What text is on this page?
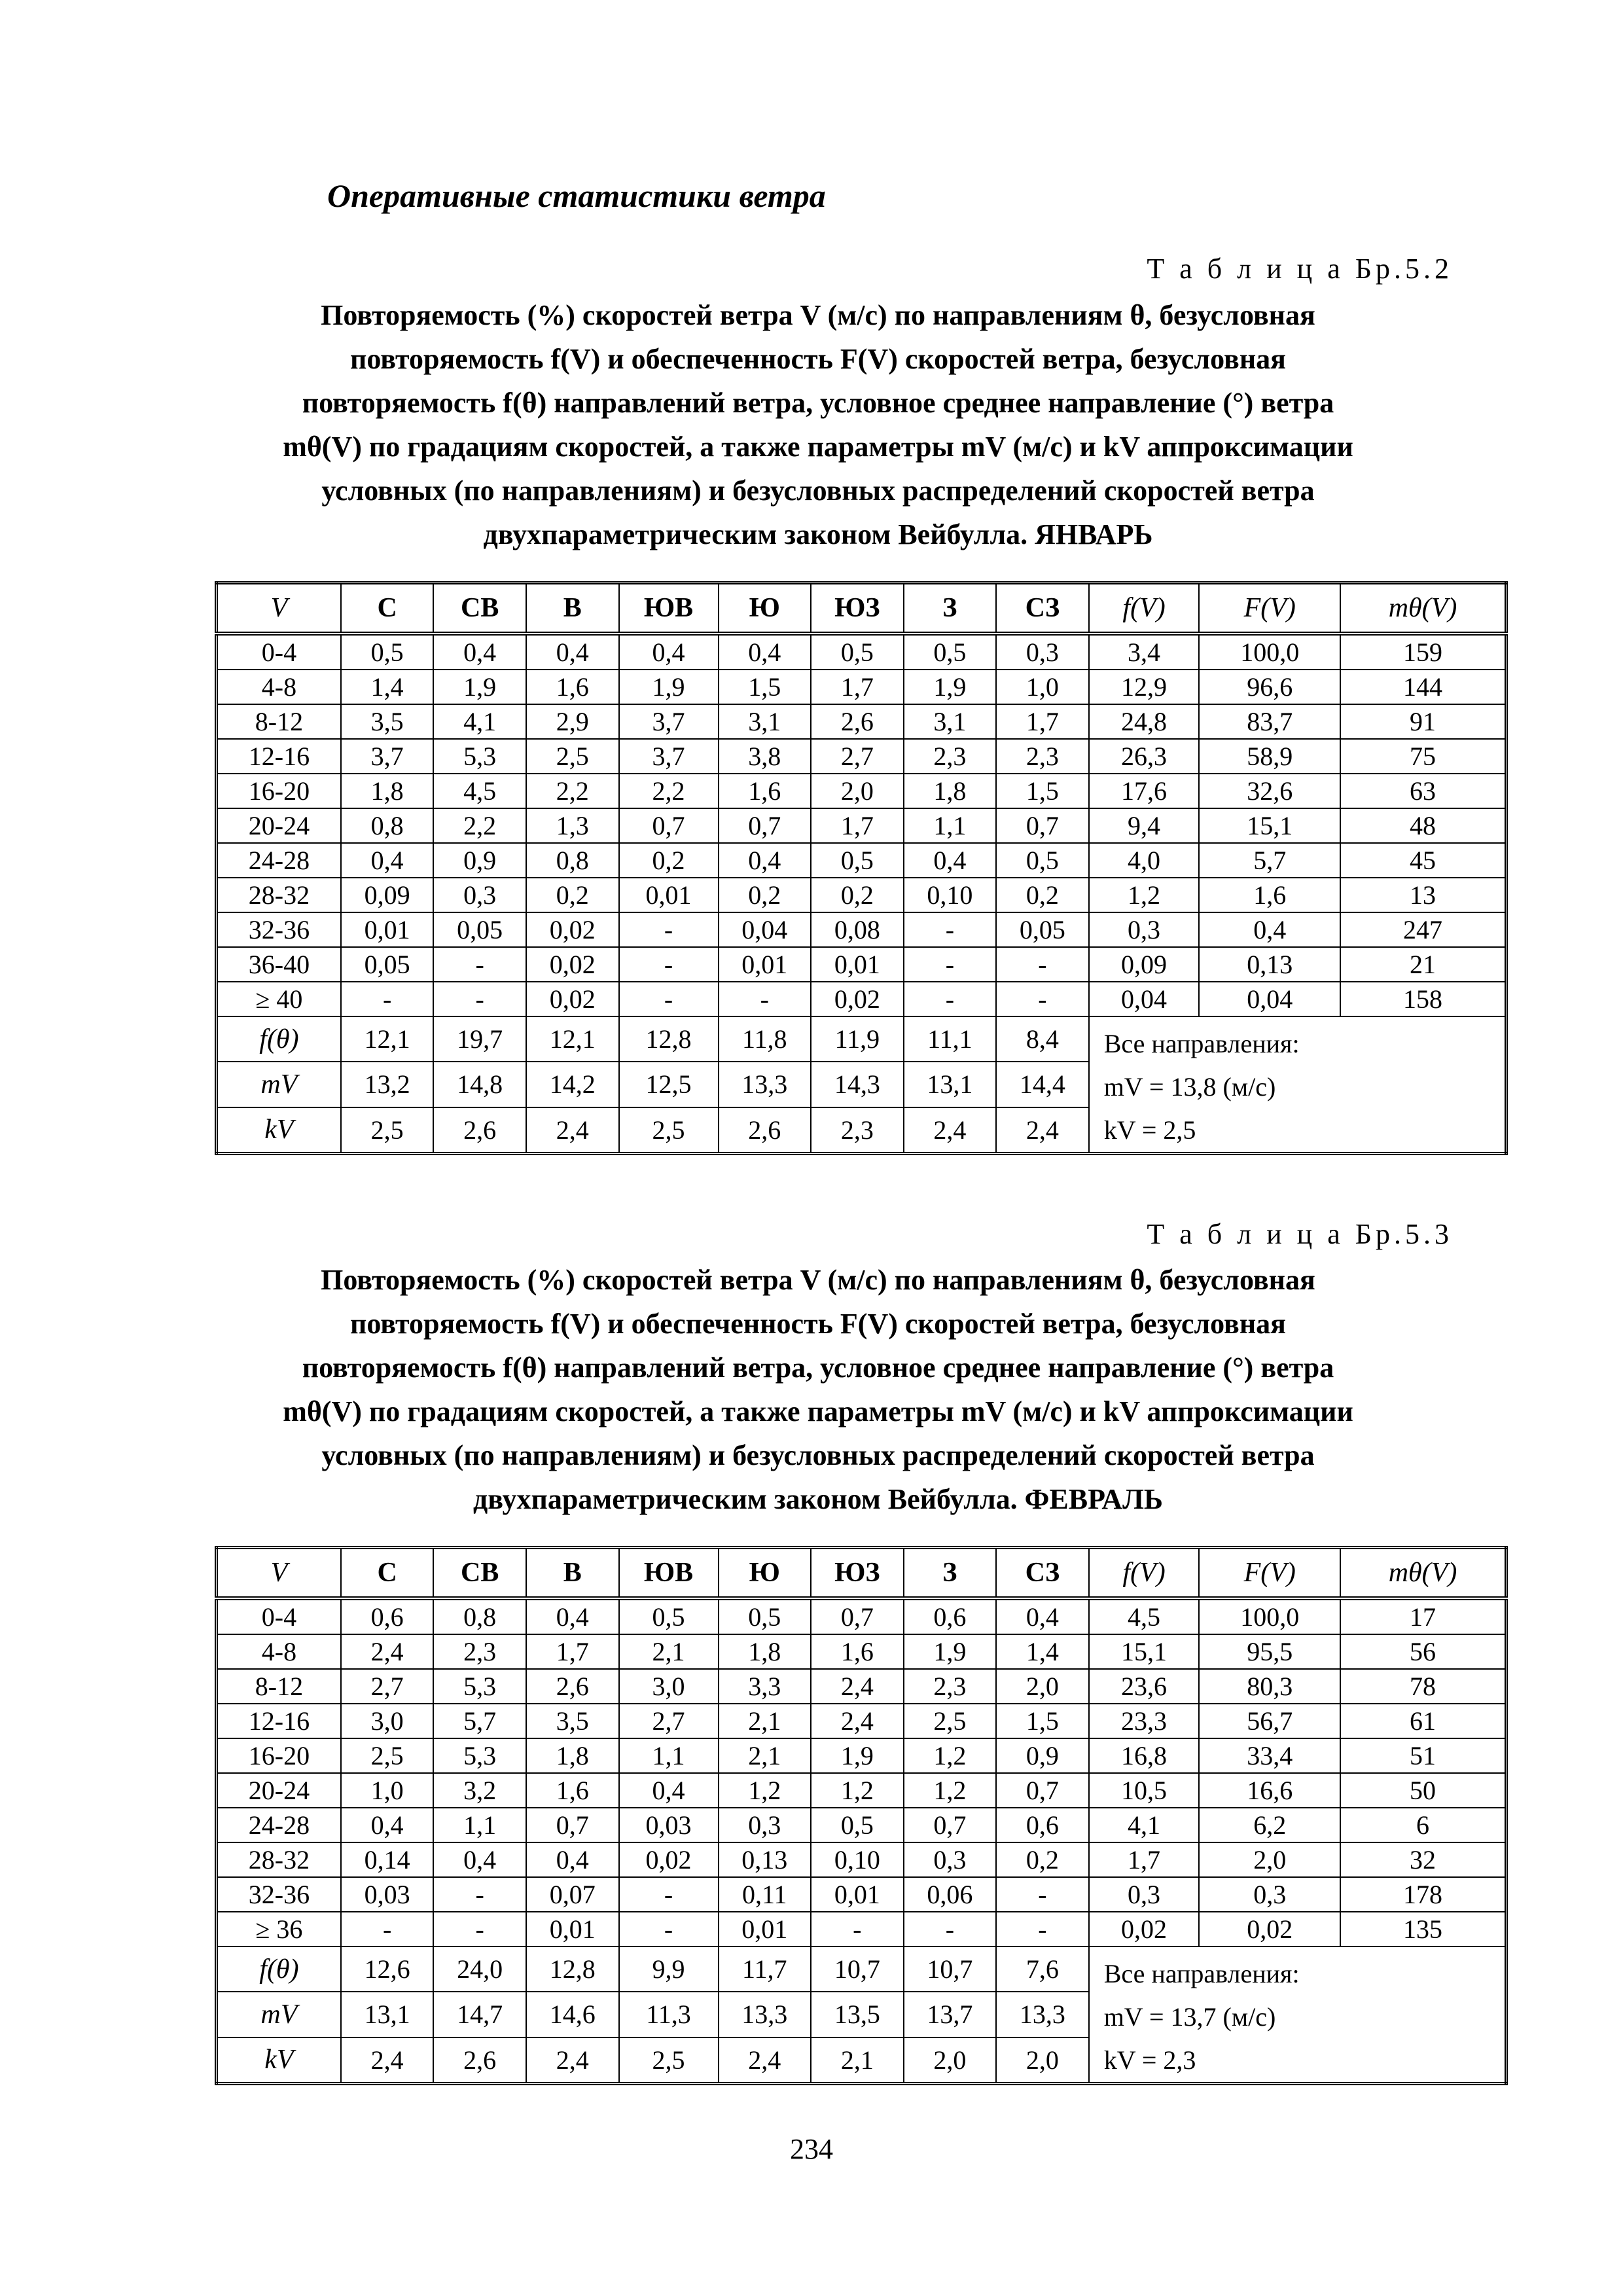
Оперативные статистики ветра
Т а б л и ц а Бр.5.2
Повторяемость (%) скоростей ветра V (м/с) по направлениям θ, безусловная
повторяемость f(V) и обеспеченность F(V) скоростей ветра, безусловная
повторяемость f(θ) направлений ветра, условное среднее направление (°) ветра
mθ(V) по градациям скоростей, а также параметры mV (м/с) и kV аппроксимации
условных (по направлениям) и безусловных распределений скоростей ветра
двухпараметрическим законом Вейбулла. ЯНВАРЬ
V	С	СВ	В	ЮВ	Ю	ЮЗ	З	СЗ	f(V)	F(V)	mθ(V)
0-4	0,5	0,4	0,4	0,4	0,4	0,5	0,5	0,3	3,4	100,0	159
4-8	1,4	1,9	1,6	1,9	1,5	1,7	1,9	1,0	12,9	96,6	144
8-12	3,5	4,1	2,9	3,7	3,1	2,6	3,1	1,7	24,8	83,7	91
12-16	3,7	5,3	2,5	3,7	3,8	2,7	2,3	2,3	26,3	58,9	75
16-20	1,8	4,5	2,2	2,2	1,6	2,0	1,8	1,5	17,6	32,6	63
20-24	0,8	2,2	1,3	0,7	0,7	1,7	1,1	0,7	9,4	15,1	48
24-28	0,4	0,9	0,8	0,2	0,4	0,5	0,4	0,5	4,0	5,7	45
28-32	0,09	0,3	0,2	0,01	0,2	0,2	0,10	0,2	1,2	1,6	13
32-36	0,01	0,05	0,02	-	0,04	0,08	-	0,05	0,3	0,4	247
36-40	0,05	-	0,02	-	0,01	0,01	-	-	0,09	0,13	21
≥ 40	-	-	0,02	-	-	0,02	-	-	0,04	0,04	158
f(θ)	12,1	19,7	12,1	12,8	11,8	11,9	11,1	8,4	Все направления:
mV = 13,8 (м/с)
kV = 2,5		

mV	13,2	14,8	14,2	12,5	13,3	14,3	13,1	14,4			
kV	2,5	2,6	2,4	2,5	2,6	2,3	2,4	2,4			
Т а б л и ц а Бр.5.3
Повторяемость (%) скоростей ветра V (м/с) по направлениям θ, безусловная
повторяемость f(V) и обеспеченность F(V) скоростей ветра, безусловная
повторяемость f(θ) направлений ветра, условное среднее направление (°) ветра
mθ(V) по градациям скоростей, а также параметры mV (м/с) и kV аппроксимации
условных (по направлениям) и безусловных распределений скоростей ветра
двухпараметрическим законом Вейбулла. ФЕВРАЛЬ
V	С	СВ	В	ЮВ	Ю	ЮЗ	З	СЗ	f(V)	F(V)	mθ(V)
0-4	0,6	0,8	0,4	0,5	0,5	0,7	0,6	0,4	4,5	100,0	17
4-8	2,4	2,3	1,7	2,1	1,8	1,6	1,9	1,4	15,1	95,5	56
8-12	2,7	5,3	2,6	3,0	3,3	2,4	2,3	2,0	23,6	80,3	78
12-16	3,0	5,7	3,5	2,7	2,1	2,4	2,5	1,5	23,3	56,7	61
16-20	2,5	5,3	1,8	1,1	2,1	1,9	1,2	0,9	16,8	33,4	51
20-24	1,0	3,2	1,6	0,4	1,2	1,2	1,2	0,7	10,5	16,6	50
24-28	0,4	1,1	0,7	0,03	0,3	0,5	0,7	0,6	4,1	6,2	6
28-32	0,14	0,4	0,4	0,02	0,13	0,10	0,3	0,2	1,7	2,0	32
32-36	0,03	-	0,07	-	0,11	0,01	0,06	-	0,3	0,3	178
≥ 36	-	-	0,01	-	0,01	-	-	-	0,02	0,02	135
f(θ)	12,6	24,0	12,8	9,9	11,7	10,7	10,7	7,6	Все направления:
mV = 13,7 (м/с)
kV = 2,3		

mV	13,1	14,7	14,6	11,3	13,3	13,5	13,7	13,3			
kV	2,4	2,6	2,4	2,5	2,4	2,1	2,0	2,0			
234
